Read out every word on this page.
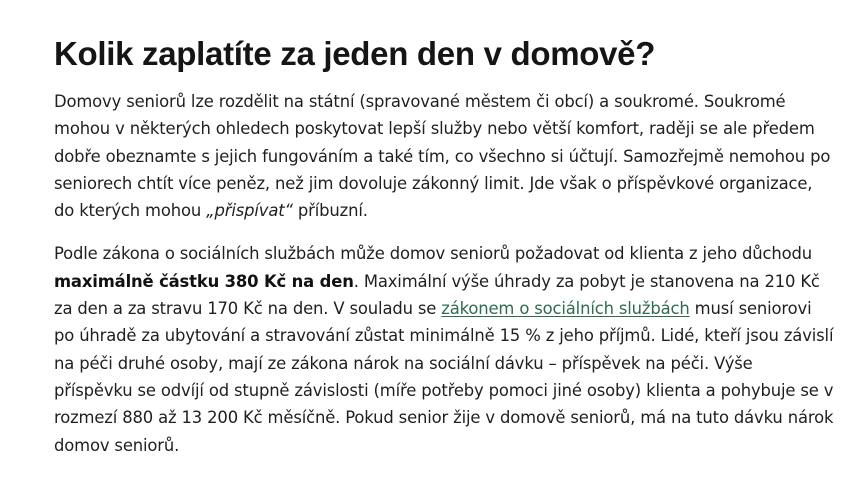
Kolik zaplatíte za jeden den v domově?

Domovy seniorů lze rozdělit na státní (spravované městem či obcí) a soukromé. Soukromé mohou v některých ohledech poskytovat lepší služby nebo větší komfort, raději se ale předem dobře obeznamte s jejich fungováním a také tím, co všechno si účtují. Samozřejmě nemohou po seniorech chtít více peněz, než jim dovoluje zákonný limit. Jde však o příspěvkové organizace, do kterých mohou „přispívat“ příbuzní.

Podle zákona o sociálních službách může domov seniorů požadovat od klienta z jeho důchodu maximálně částku 380 Kč na den. Maximální výše úhrady za pobyt je stanovena na 210 Kč za den a za stravu 170 Kč na den. V souladu se zákonem o sociálních službách musí seniorovi po úhradě za ubytování a stravování zůstat minimálně 15 % z jeho příjmů. Lidé, kteří jsou závislí na péči druhé osoby, mají ze zákona nárok na sociální dávku – příspěvek na péči. Výše příspěvku se odvíjí od stupně závislosti (míře potřeby pomoci jiné osoby) klienta a pohybuje se v rozmezí 880 až 13 200 Kč měsíčně. Pokud senior žije v domově seniorů, má na tuto dávku nárok domov seniorů.
